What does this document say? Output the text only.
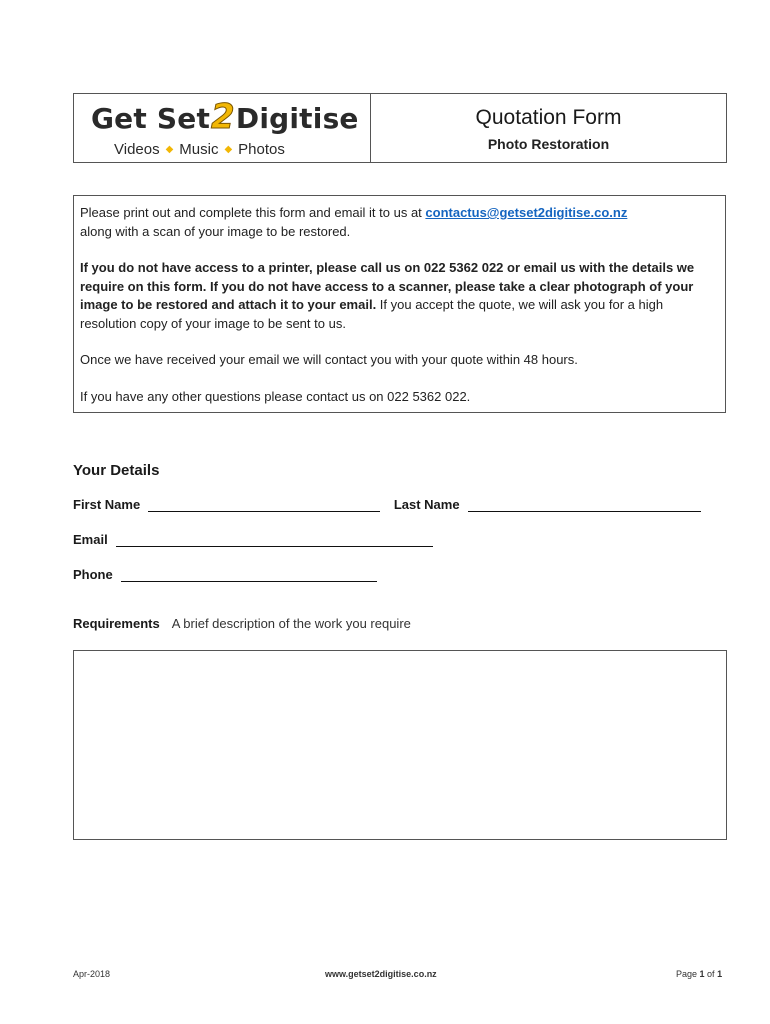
Get Set2Digitise
Videos ◆ Music ◆ Photos
Quotation Form
Photo Restoration

Please print out and complete this form and email it to us at contactus@getset2digitise.co.nz
along with a scan of your image to be restored.

If you do not have access to a printer, please call us on 022 5362 022 or email us with the details we require on this form. If you do not have access to a scanner, please take a clear photograph of your image to be restored and attach it to your email. If you accept the quote, we will ask you for a high resolution copy of your image to be sent to us.

Once we have received your email we will contact you with your quote within 48 hours.

If you have any other questions please contact us on 022 5362 022.

Your Details
First Name	Last Name
Email
Phone
Requirements A brief description of the work you require
Apr-2018	www.getset2digitise.co.nz	Page 1 of 1
